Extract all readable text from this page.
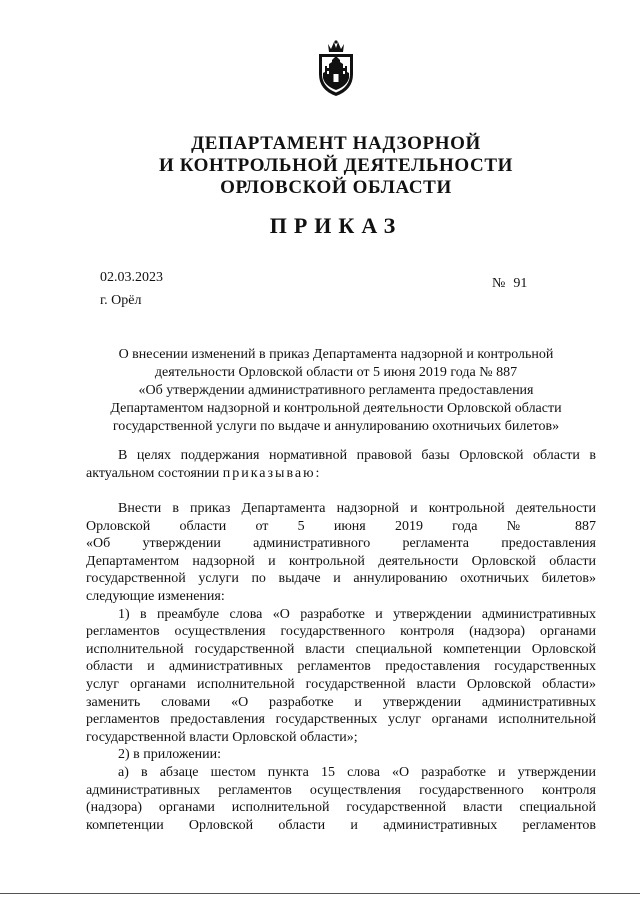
ДЕПАРТАМЕНТ НАДЗОРНОЙ
И КОНТРОЛЬНОЙ ДЕЯТЕЛЬНОСТИ
ОРЛОВСКОЙ ОБЛАСТИ
ПРИКАЗ
02.03.2023
г. Орёл
№ 91
О внесении изменений в приказ Департамента надзорной и контрольной
деятельности Орловской области от 5 июня 2019 года № 887
«Об утверждении административного регламента предоставления
Департаментом надзорной и контрольной деятельности Орловской области
государственной услуги по выдаче и аннулированию охотничьих билетов»
В целях поддержания нормативной правовой базы Орловской области в актуальном состоянии приказываю:
Внести в приказ Департамента надзорной и контрольной деятельности
Орловской области от 5 июня 2019 года № 887
«Об утверждении административного регламента предоставления
Департаментом надзорной и контрольной деятельности Орловской области
государственной услуги по выдаче и аннулированию охотничьих билетов»
следующие изменения:
1) в преамбуле слова «О разработке и утверждении административных
регламентов осуществления государственного контроля (надзора) органами
исполнительной государственной власти специальной компетенции Орловской
области и административных регламентов предоставления государственных
услуг органами исполнительной государственной власти Орловской области»
заменить словами «О разработке и утверждении административных
регламентов предоставления государственных услуг органами исполнительной
государственной власти Орловской области»;
2) в приложении:
а) в абзаце шестом пункта 15 слова «О разработке и утверждении
административных регламентов осуществления государственного контроля
(надзора) органами исполнительной государственной власти специальной
компетенции Орловской области и административных регламентов
